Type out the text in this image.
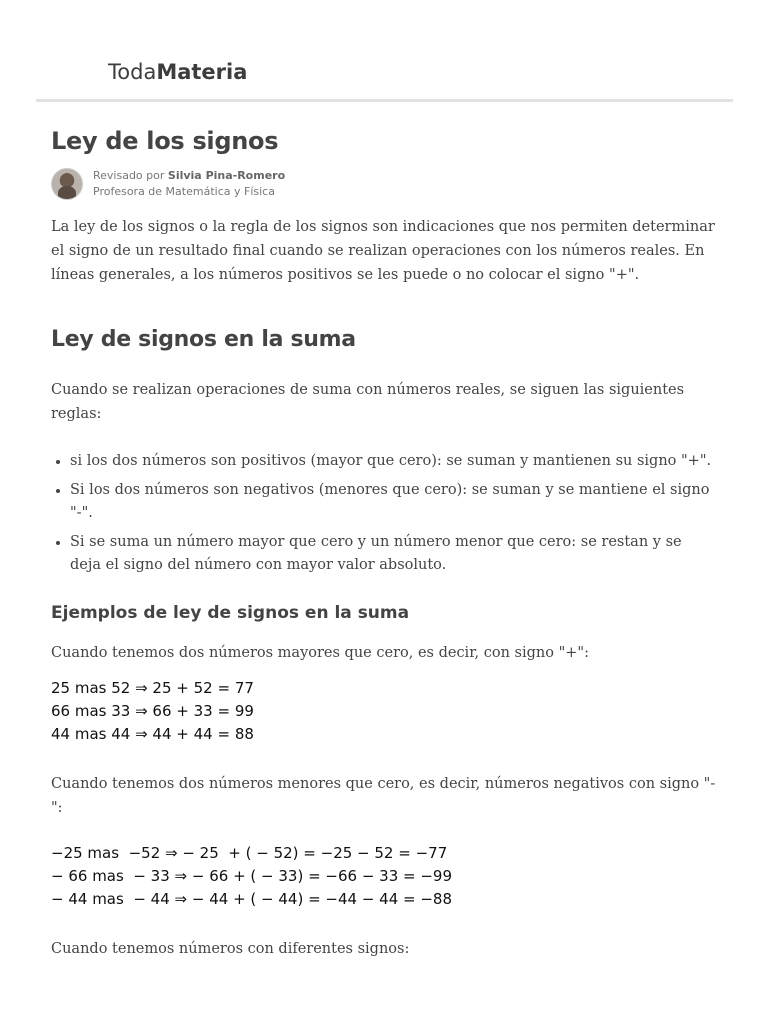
TodaMateria
Ley de los signos
Revisado por Silvia Pina-Romero
Profesora de Matemática y Física

La ley de los signos o la regla de los signos son indicaciones que nos permiten determinar el signo de un resultado final cuando se realizan operaciones con los números reales. En líneas generales, a los números positivos se les puede o no colocar el signo "+".

Ley de signos en la suma

Cuando se realizan operaciones de suma con números reales, se siguen las siguientes reglas:

• si los dos números son positivos (mayor que cero): se suman y mantienen su signo "+".
• Si los dos números son negativos (menores que cero): se suman y se mantiene el signo "-".
• Si se suma un número mayor que cero y un número menor que cero: se restan y se deja el signo del número con mayor valor absoluto.
Ejemplos de ley de signos en la suma

Cuando tenemos dos números mayores que cero, es decir, con signo "+":

25 mas 52 ⇒ 25 + 52 = 77
66 mas 33 ⇒ 66 + 33 = 99
44 mas 44 ⇒ 44 + 44 = 88

Cuando tenemos dos números menores que cero, es decir, números negativos con signo "-":

−25 mas  −52 ⇒ − 25  + ( − 52) = −25 − 52 = −77
− 66 mas  − 33 ⇒ − 66 + ( − 33) = −66 − 33 = −99
− 44 mas  − 44 ⇒ − 44 + ( − 44) = −44 − 44 = −88

Cuando tenemos números con diferentes signos:
